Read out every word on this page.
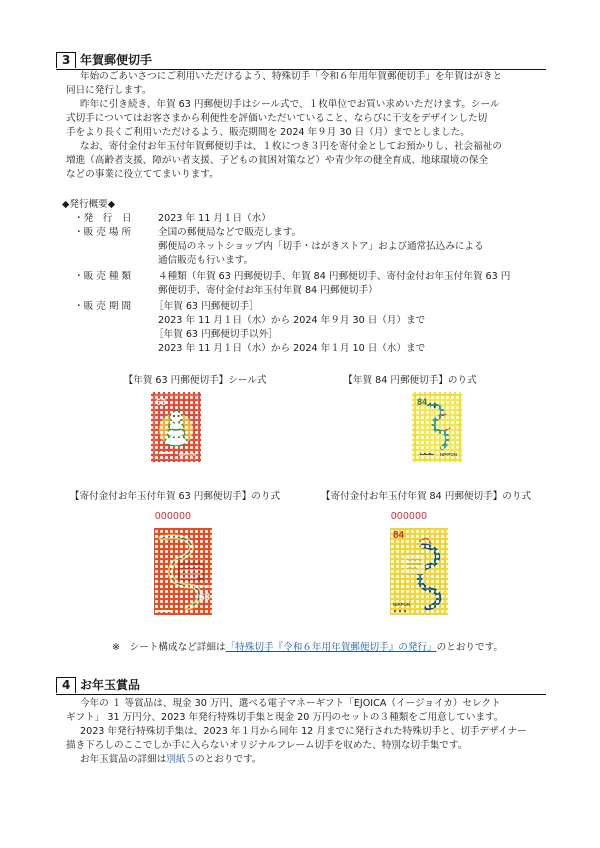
3 年賀郵便切手
年始のごあいさつにご利用いただけるよう、特殊切手「令和６年用年賀郵便切手」を年賀はがきと
同日に発行します。
昨年に引き続き、年賀 63 円郵便切手はシール式で、１枚単位でお買い求めいただけます。シール
式切手についてはお客さまから利便性を評価いただいていること、ならびに干支をデザインした切
手をより長くご利用いただけるよう、販売期間を 2024 年９月 30 日（月）までとしました。
なお、寄付金付お年玉付年賀郵便切手は、１枚につき３円を寄付金としてお預かりし、社会福祉の
増進（高齢者支援、障がい者支援、子どもの貧困対策など）や青少年の健全育成、地球環境の保全
などの事業に役立ててまいります。
◆発行概要◆
・発　行　日	2023 年 11 月１日（水）
・販 売 場 所	全国の郵便局などで販売します。
郵便局のネットショップ内「切手・はがきストア」および通常払込みによる
通信販売も行います。
・販 売 種 類	４種類（年賀 63 円郵便切手、年賀 84 円郵便切手、寄付金付お年玉付年賀 63 円
郵便切手、寄付金付お年玉付年賀 84 円郵便切手）
・販 売 期 間 ［年賀 63 円郵便切手］
2023 年 11 月１日（水）から 2024 年９月 30 日（月）まで
［年賀 63 円郵便切手以外］
2023 年 11 月１日（水）から 2024 年１月 10 日（水）まで
【年賀 63 円郵便切手】シール式	【年賀 84 円郵便切手】のり式
63
NIPPON
84
NIPPON
【寄付金付お年玉付年賀 63 円郵便切手】のり式	【寄付金付お年玉付年賀 84 円郵便切手】のり式
000000
63
NIPPON
000000
84
NIPPON
※　シート構成など詳細は「特殊切手『令和６年用年賀郵便切手』の発行」のとおりです。
4 お年玉賞品
今年の １ 等賞品は、現金 30 万円、選べる電子マネーギフト「EJOICA（イージョイカ）セレクト
ギフト」 31 万円分、2023 年発行特殊切手集と現金 20 万円のセットの３種類をご用意しています。
2023 年発行特殊切手集は、2023 年１月から同年 12 月までに発行された特殊切手と、切手デザイナー
描き下ろしのここでしか手に入らないオリジナルフレーム切手を収めた、特別な切手集です。
お年玉賞品の詳細は別紙５のとおりです。
